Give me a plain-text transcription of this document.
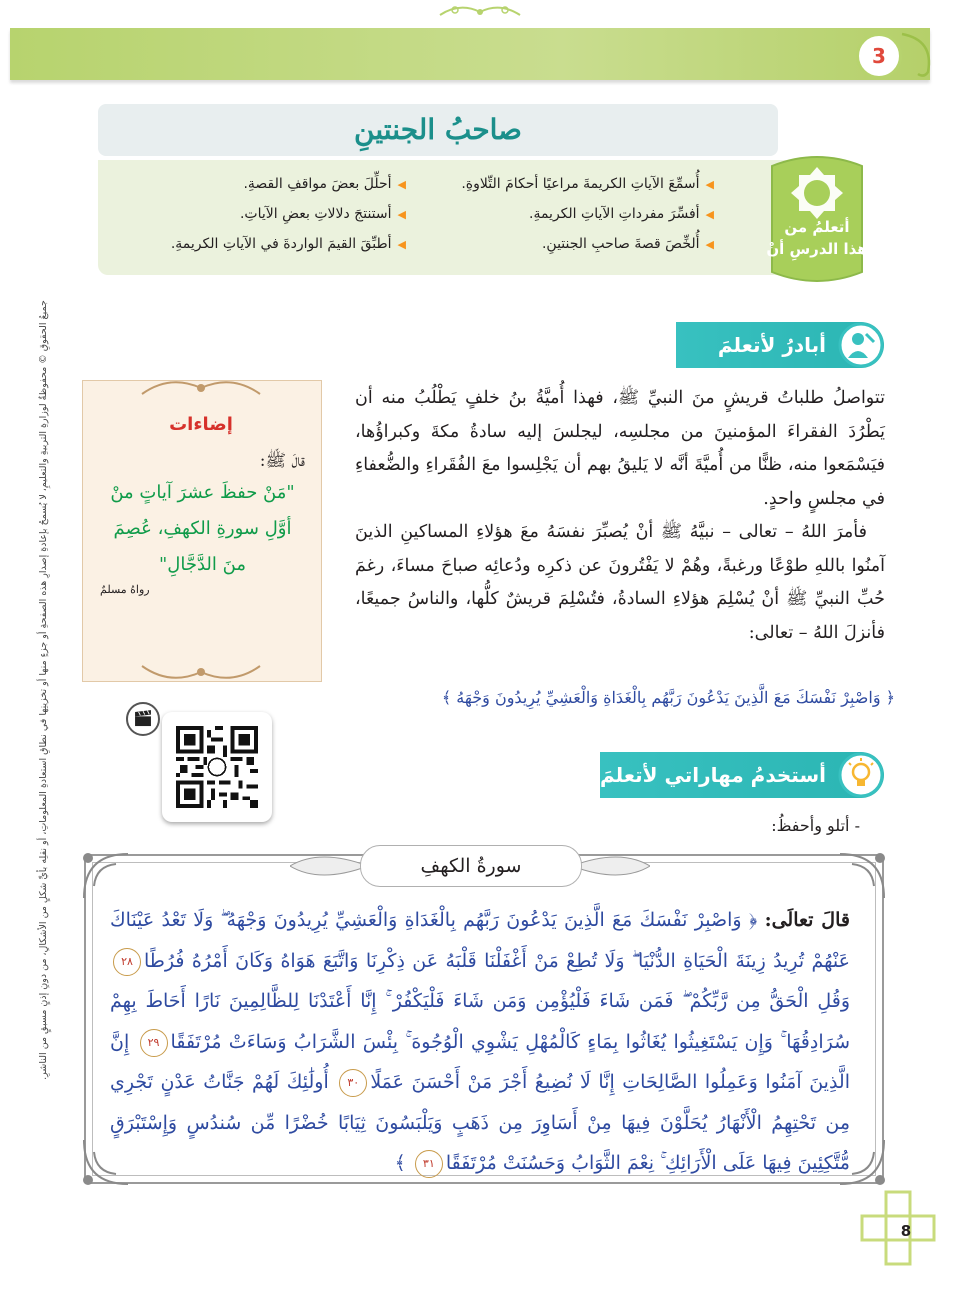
3
صاحبُ الجنتينِ
أتعلمُ من
هذا الدرسِ أنْ
◀أُسمِّعَ الآياتِ الكريمةَ مراعيًا أحكامَ التِّلاوةِ.
◀أفسِّرَ مفرداتِ الآياتِ الكريمةِ.
◀أُلخِّصَ قصةَ صاحبِ الجنتينِ.
◀أحلِّلَ بعضَ مواقفِ القصةِ.
◀أستنتجَ دلالاتِ بعضِ الآياتِ.
◀أطبِّقَ القيمَ الواردةَ في الآياتِ الكريمةِ.
أبادرُ لأتعلمَ

تتواصلُ طلباتُ قريشٍ منَ النبيِّ ﷺ، فهذا أُميَّةُ بنُ خلفٍ يَطْلُبُ منه أن يَطْرُدَ الفقراءَ المؤمنينَ من مجلسِه، ليجلسَ إليه سادةُ مكةَ وكبراؤُها، فيَسْمَعوا منه، ظنًّا من أُميَّةَ أنَّه لا يَليقُ بهم أن يَجْلِسوا معَ الفُقَراءِ والضُّعفاءِ في مجلسٍ واحدٍ.

فأمرَ اللهُ – تعالى – نبيَّهُ ﷺ أنْ يُصبِّرَ نفسَهُ معَ هؤلاءِ المساكينِ الذينَ آمنُوا باللهِ طوْعًا ورغبةً، وهُمْ لا يَفْتُرونَ عن ذكرِه ودُعائِه صباحَ مساءَ، رغمَ حُبِّ النبيِّ ﷺ أنْ يُسْلِمَ هؤلاءِ السادةُ، فتُسْلِمَ قريشٌ كلُّها، والناسُ جميعًا، فأنزلَ اللهُ – تعالى:

﴿ وَاصْبِرْ نَفْسَكَ مَعَ الَّذِينَ يَدْعُونَ رَبَّهُم بِالْغَدَاةِ وَالْعَشِيِّ يُرِيدُونَ وَجْهَهُ ﴾
إضاءات
قالَ ﷺ:
"مَنْ حفظَ عشرَ آياتٍ منْ أوَّلِ سورةِ الكهفِ، عُصِمَ منَ الدَّجَّالِ"
رواهُ مسلمٌ
أستخدمُ مهاراتي لأتعلمَ
- أتلو وأحفظُ:
سورةُ الكهفِ
قالَ تعالَى: ﴿ وَاصْبِرْ نَفْسَكَ مَعَ الَّذِينَ يَدْعُونَ رَبَّهُم بِالْغَدَاةِ وَالْعَشِيِّ يُرِيدُونَ وَجْهَهُ ۖ وَلَا تَعْدُ عَيْنَاكَ عَنْهُمْ تُرِيدُ زِينَةَ الْحَيَاةِ الدُّنْيَا ۖ وَلَا تُطِعْ مَنْ أَغْفَلْنَا قَلْبَهُ عَن ذِكْرِنَا وَاتَّبَعَ هَوَاهُ وَكَانَ أَمْرُهُ فُرُطًا٢٨ وَقُلِ الْحَقُّ مِن رَّبِّكُمْ ۖ فَمَن شَاءَ فَلْيُؤْمِن وَمَن شَاءَ فَلْيَكْفُرْ ۚ إِنَّا أَعْتَدْنَا لِلظَّالِمِينَ نَارًا أَحَاطَ بِهِمْ سُرَادِقُهَا ۚ وَإِن يَسْتَغِيثُوا يُغَاثُوا بِمَاءٍ كَالْمُهْلِ يَشْوِي الْوُجُوهَ ۚ بِئْسَ الشَّرَابُ وَسَاءَتْ مُرْتَفَقًا٢٩ إِنَّ الَّذِينَ آمَنُوا وَعَمِلُوا الصَّالِحَاتِ إِنَّا لَا نُضِيعُ أَجْرَ مَنْ أَحْسَنَ عَمَلًا٣٠ أُولَٰئِكَ لَهُمْ جَنَّاتُ عَدْنٍ تَجْرِي مِن تَحْتِهِمُ الْأَنْهَارُ يُحَلَّوْنَ فِيهَا مِنْ أَسَاوِرَ مِن ذَهَبٍ وَيَلْبَسُونَ ثِيَابًا خُضْرًا مِّن سُندُسٍ وَإِسْتَبْرَقٍ مُّتَّكِئِينَ فِيهَا عَلَى الْأَرَائِكِ ۚ نِعْمَ الثَّوَابُ وَحَسُنَتْ مُرْتَفَقًا٣١ ﴾
جميعُ الحقوقِ © محفوظةٌ لوزارةِ التربيةِ والتعليمِ، لا يُسمحُ بإعادةِ إصدارِ هذه الصفحةِ أو جزءٍ منها أو تخزينِها في نطاقِ استعادةِ المعلوماتِ، أو نقلِه بأيِّ شكلٍ من الأشكالِ، من دونِ إذنٍ مسبقٍ من الناشرِ.
8
